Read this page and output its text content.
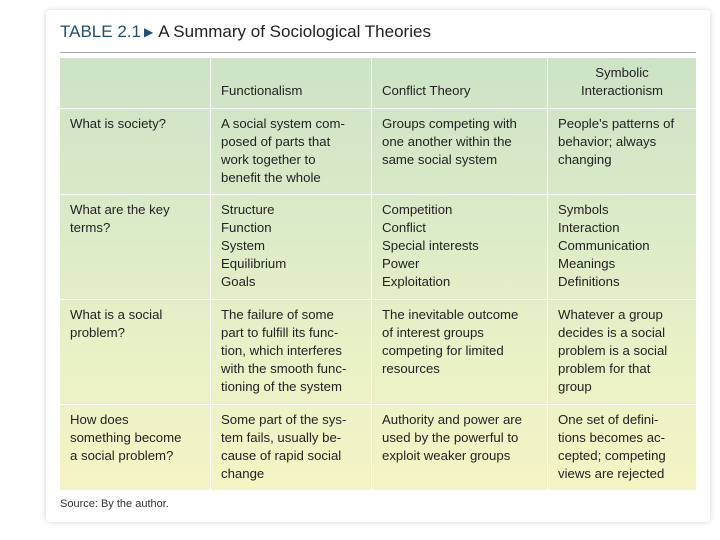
TABLE 2.1 ▶ A Summary of Sociological Theories
	Functionalism	Conflict Theory	Symbolic
Interactionism

What is society?	A social system com-
posed of parts that
work together to
benefit the whole	Groups competing with
one another within the
same social system	People's patterns of
behavior; always
changing

What are the key
terms?	Structure
Function
System
Equilibrium
Goals	Competition
Conflict
Special interests
Power
Exploitation	Symbols
Interaction
Communication
Meanings
Definitions

What is a social
problem?	The failure of some
part to fulfill its func-
tion, which interferes
with the smooth func-
tioning of the system	The inevitable outcome
of interest groups
competing for limited
resources	Whatever a group
decides is a social
problem is a social
problem for that
group

How does
something become
a social problem?	Some part of the sys-
tem fails, usually be-
cause of rapid social
change	Authority and power are
used by the powerful to
exploit weaker groups	One set of defini-
tions becomes ac-
cepted; competing
views are rejected
Source: By the author.
